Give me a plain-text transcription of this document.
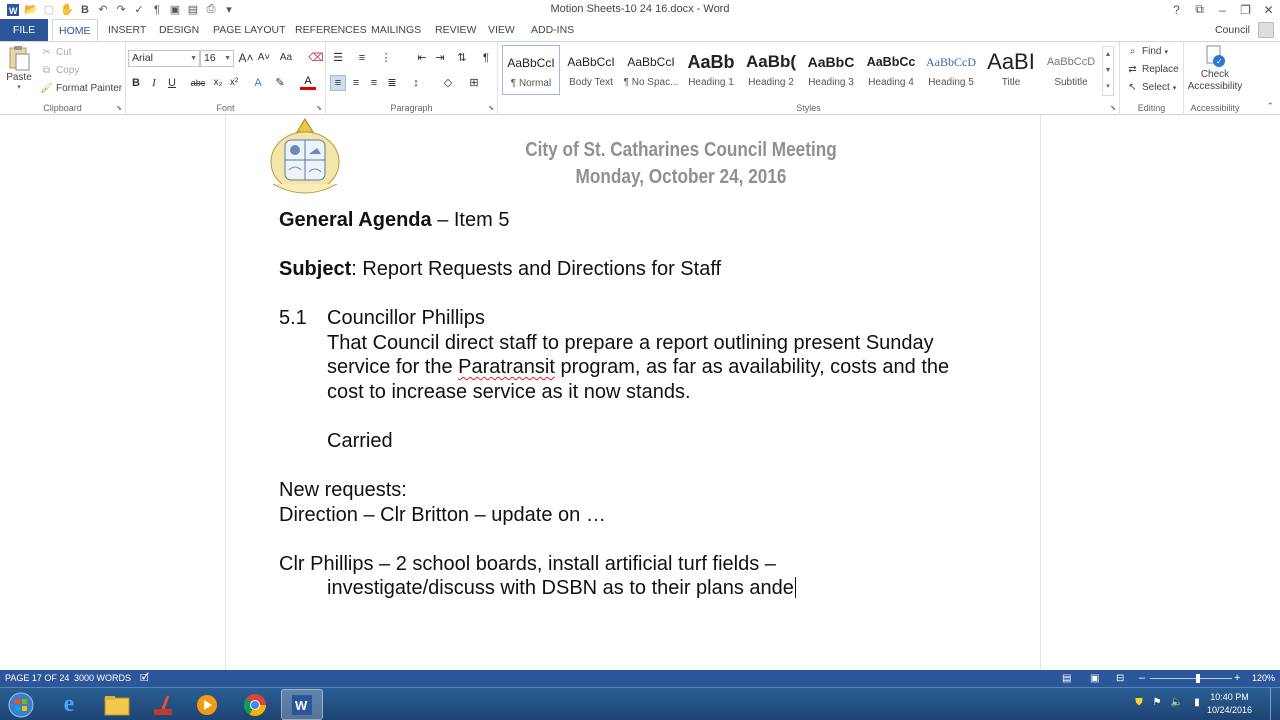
W 📂 ▢ ✋ B ↶ ↷ ✓ ¶ ▣ ▤ ⎙ ▾	Motion Sheets-10 24 16.docx - Word	?	⧉	–	❐	✕
FILE	HOME	INSERT	DESIGN	PAGE LAYOUT REFERENCES MAILINGS	REVIEW	VIEW	ADD-INS	Council
Paste
▾
✂ Cut
⧉ Copy
🖌 Format Painter
Clipboard	⬊
Arial	▼ 16 ▼ A˄ A˅ Aa ⌫
B	I	U	abc x₂ x²	A	✎	A
Font	⬊
☰	≡	⋮	⇤ ⇥	⇅	¶
≡	≡	≡ ≣	↕	◇	⊞
Paragraph	⬊
AaBbCcI
¶ Normal
AaBbCcI
Body Text
AaBbCcI
¶ No Spac...
AaBb
Heading 1
AaBb(
Heading 2
AaBbC
Heading 3
AaBbCc
Heading 4
AaBbCcD
Heading 5
AaBI
Title
AaBbCcD
Subtitle
▲
▼
▾
Styles	⬊
⌕ Find ▾
⇄ Replace
↖ Select ▾
Editing
✓
Check Accessibility
Accessibility	⌃
City of St. Catharines Council Meeting
Monday, October 24, 2016
General Agenda – Item 5
Subject: Report Requests and Directions for Staff
5.1 Councillor Phillips
That Council direct staff to prepare a report outlining present Sunday
service for the Paratransit program, as far as availability, costs and the
cost to increase service as it now stands.
Carried
New requests:
Direction – Clr Britton – update on …
Clr Phillips – 2 school boards, install artificial turf fields –
investigate/discuss with DSBN as to their plans ande
PAGE 17 OF 24 3000 WORDS 🗹	▤ ▣ ⊟ –	+ 120%
e	W	⛊ ⚑ 🔈	▮	10:40 PM
10/24/2016
